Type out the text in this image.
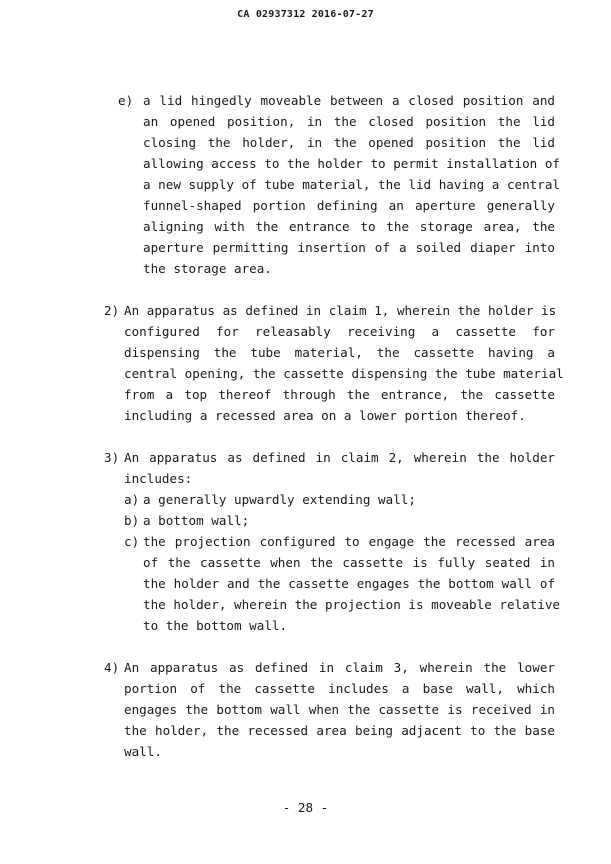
CA 02937312 2016-07-27
e) a lid hingedly moveable between a closed position and
an opened position, in the closed position the lid
closing the holder, in the opened position the lid
allowing access to the holder to permit installation of
a new supply of tube material, the lid having a central
funnel-shaped portion defining an aperture generally
aligning with the entrance to the storage area, the
aperture permitting insertion of a soiled diaper into
the storage area.
2) An apparatus as defined in claim 1, wherein the holder is
configured for releasably receiving a cassette for
dispensing the tube material, the cassette having a
central opening, the cassette dispensing the tube material
from a top thereof through the entrance, the cassette
including a recessed area on a lower portion thereof.
3) An apparatus as defined in claim 2, wherein the holder
includes:
a) a generally upwardly extending wall;
b) a bottom wall;
c) the projection configured to engage the recessed area
of the cassette when the cassette is fully seated in
the holder and the cassette engages the bottom wall of
the holder, wherein the projection is moveable relative
to the bottom wall.
4) An apparatus as defined in claim 3, wherein the lower
portion of the cassette includes a base wall, which
engages the bottom wall when the cassette is received in
the holder, the recessed area being adjacent to the base
wall.
- 28 -
